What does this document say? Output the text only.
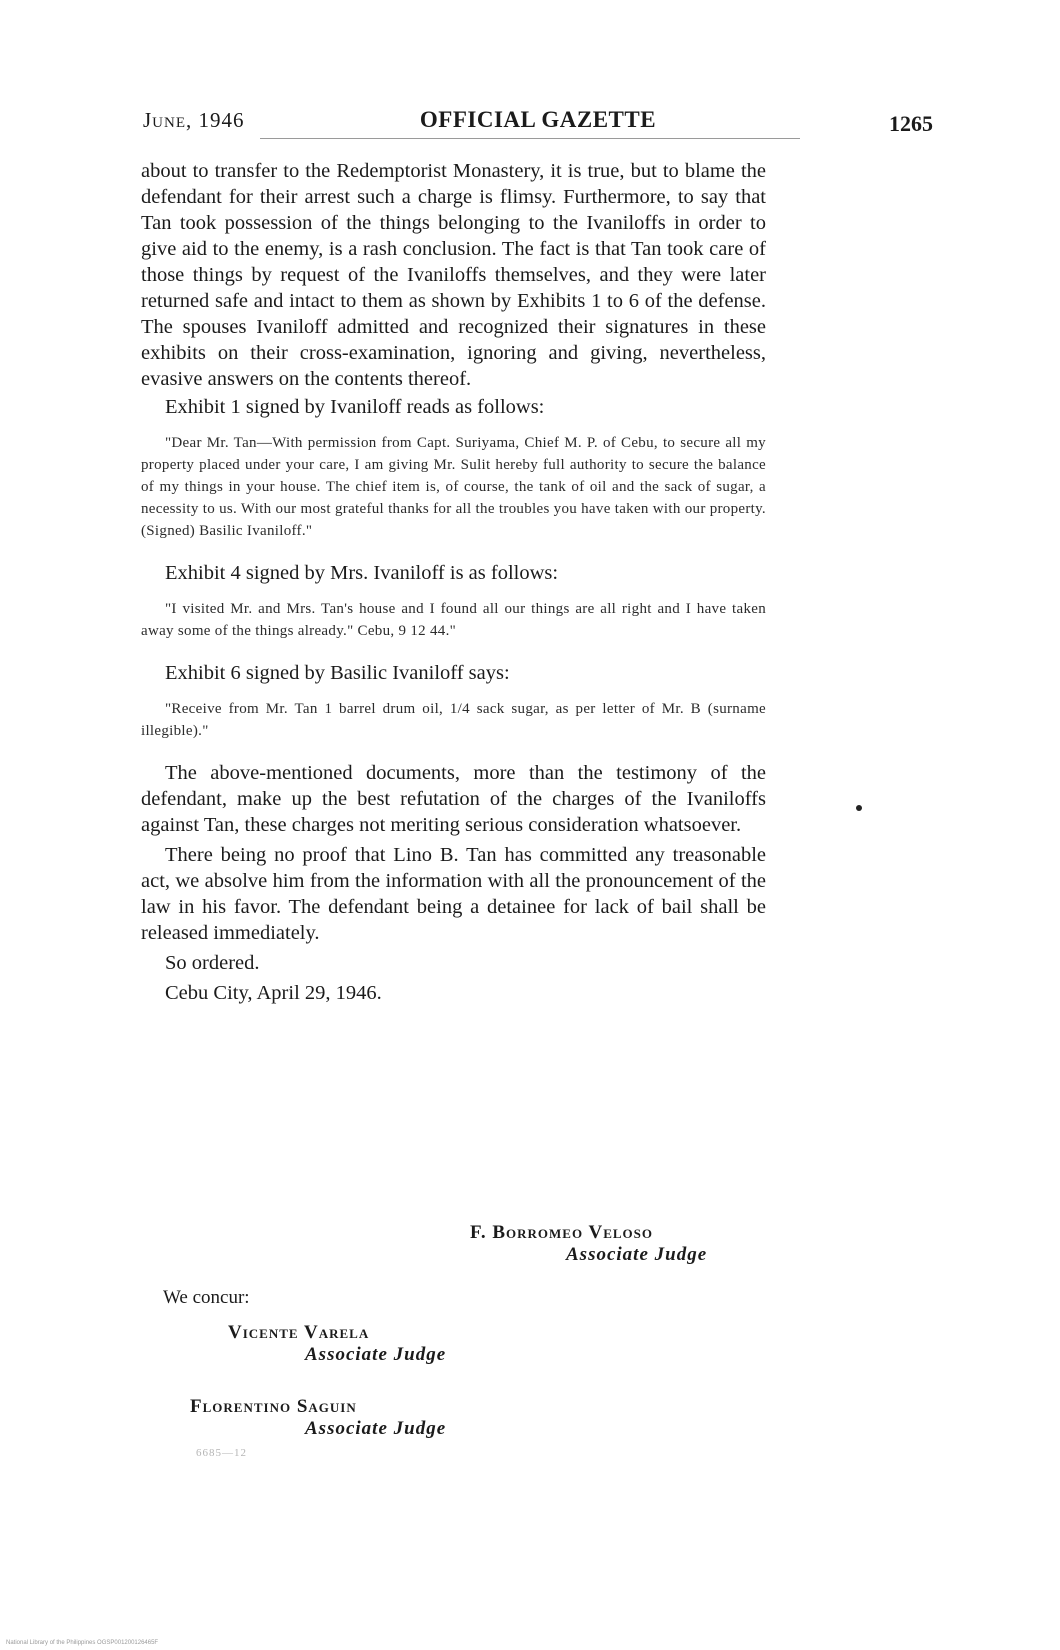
June, 1946	OFFICIAL GAZETTE	1265

about to transfer to the Redemptorist Monastery, it is true, but to blame the defendant for their arrest such a charge is flimsy. Furthermore, to say that Tan took possession of the things belonging to the Ivaniloffs in order to give aid to the enemy, is a rash conclusion. The fact is that Tan took care of those things by request of the Ivaniloffs themselves, and they were later returned safe and intact to them as shown by Exhibits 1 to 6 of the defense. The spouses Ivaniloff admitted and recognized their signatures in these exhibits on their cross-examination, ignoring and giving, nevertheless, evasive answers on the contents thereof.

Exhibit 1 signed by Ivaniloff reads as follows:

"Dear Mr. Tan—With permission from Capt. Suriyama, Chief M. P. of Cebu, to secure all my property placed under your care, I am giving Mr. Sulit hereby full authority to secure the balance of my things in your house. The chief item is, of course, the tank of oil and the sack of sugar, a necessity to us. With our most grateful thanks for all the troubles you have taken with our property. (Signed) Basilic Ivaniloff."

Exhibit 4 signed by Mrs. Ivaniloff is as follows:

"I visited Mr. and Mrs. Tan's house and I found all our things are all right and I have taken away some of the things already." Cebu, 9 12 44."

Exhibit 6 signed by Basilic Ivaniloff says:

"Receive from Mr. Tan 1 barrel drum oil, 1/4 sack sugar, as per letter of Mr. B (surname illegible)."

The above-mentioned documents, more than the testimony of the defendant, make up the best refutation of the charges of the Ivaniloffs against Tan, these charges not meriting serious consideration whatsoever.

There being no proof that Lino B. Tan has committed any treasonable act, we absolve him from the information with all the pronouncement of the law in his favor. The defendant being a detainee for lack of bail shall be released immediately.

So ordered.

Cebu City, April 29, 1946.

F. Borromeo Veloso
Associate Judge
We concur:
Vicente Varela
Associate Judge
Florentino Saguin
Associate Judge
6685—12
National Library of the Philippines OGSP001200126465F
